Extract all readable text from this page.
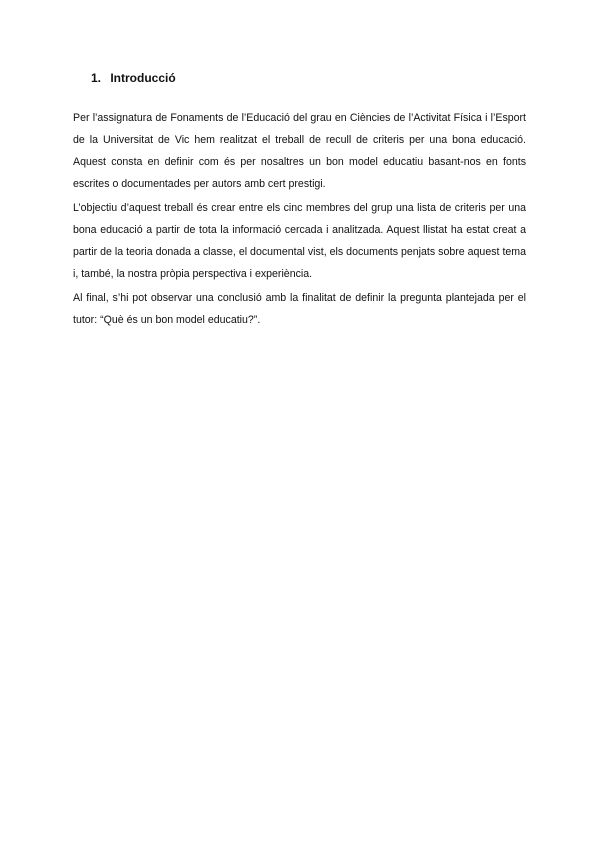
1. Introducció

Per l’assignatura de Fonaments de l’Educació del grau en Ciències de l’Activitat Física i l’Esport de la Universitat de Vic hem realitzat el treball de recull de criteris per una bona educació. Aquest consta en definir com és per nosaltres un bon model educatiu basant-nos en fonts escrites o documentades per autors amb cert prestigi.

L’objectiu d’aquest treball és crear entre els cinc membres del grup una lista de criteris per una bona educació a partir de tota la informació cercada i analitzada. Aquest llistat ha estat creat a partir de la teoria donada a classe, el documental vist, els documents penjats sobre aquest tema i, també, la nostra pròpia perspectiva i experiència.

Al final, s’hi pot observar una conclusió amb la finalitat de definir la pregunta plantejada per el tutor: “Què és un bon model educatiu?”.
